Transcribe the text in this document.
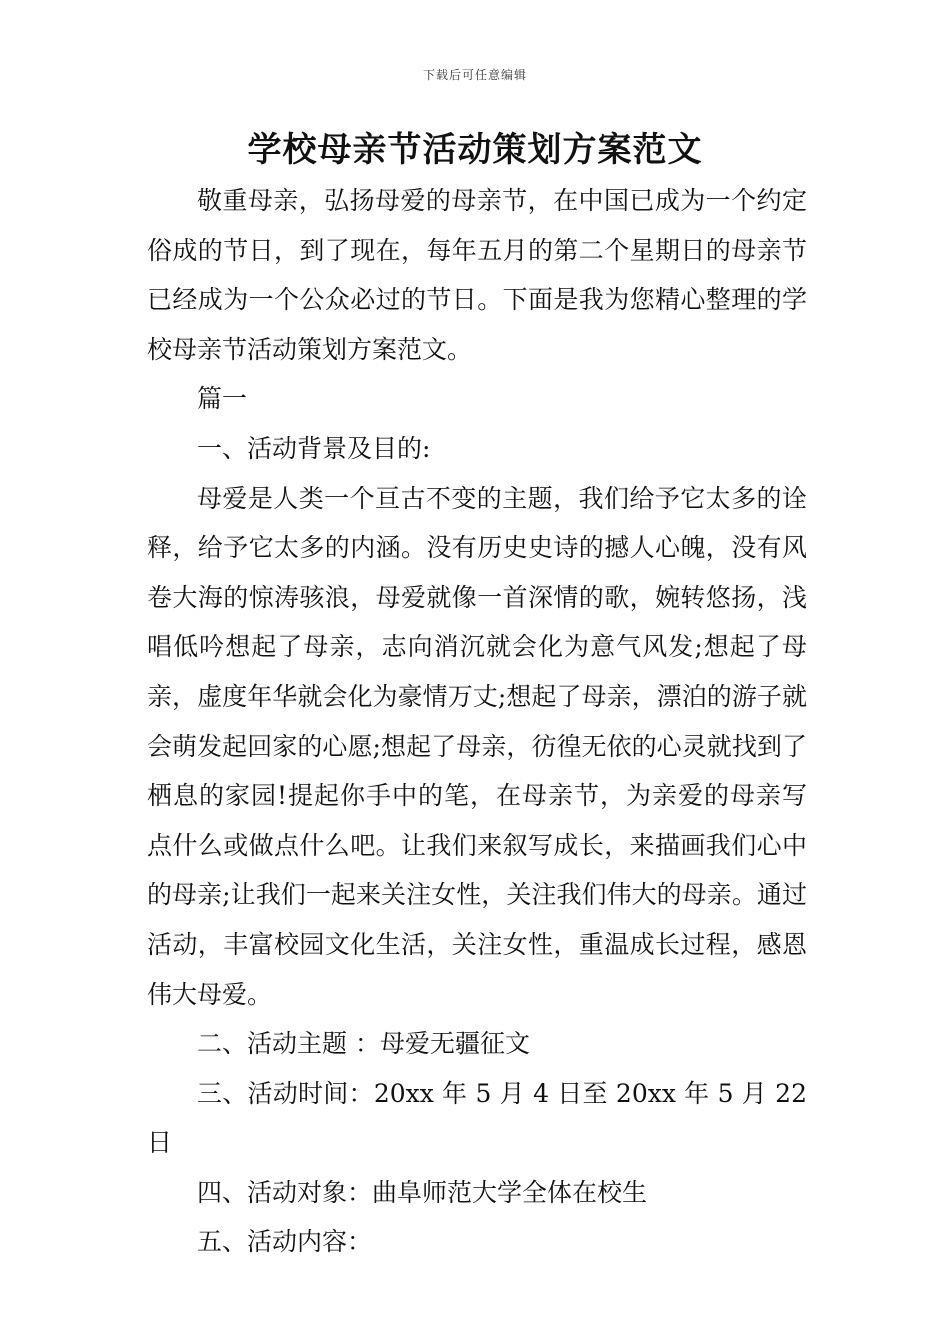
下载后可任意编辑
学校母亲节活动策划方案范文

敬重母亲，弘扬母爱的母亲节，在中国已成为一个约定俗成的节日，到了现在，每年五月的第二个星期日的母亲节已经成为一个公众必过的节日。下面是我为您精心整理的学校母亲节活动策划方案范文。

篇一

一、活动背景及目的:

母爱是人类一个亘古不变的主题，我们给予它太多的诠释，给予它太多的内涵。没有历史史诗的撼人心魄，没有风卷大海的惊涛骇浪，母爱就像一首深情的歌，婉转悠扬，浅唱低吟想起了母亲，志向消沉就会化为意气风发;想起了母亲，虚度年华就会化为豪情万丈;想起了母亲，漂泊的游子就会萌发起回家的心愿;想起了母亲，彷徨无依的心灵就找到了栖息的家园!提起你手中的笔，在母亲节，为亲爱的母亲写点什么或做点什么吧。让我们来叙写成长，来描画我们心中的母亲;让我们一起来关注女性，关注我们伟大的母亲。通过活动，丰富校园文化生活，关注女性，重温成长过程，感恩伟大母爱。

二、活动主题 ：母爱无疆征文

三、活动时间：20xx 年 5 月 4 日至 20xx 年 5 月 22 日

四、活动对象：曲阜师范大学全体在校生

五、活动内容：
